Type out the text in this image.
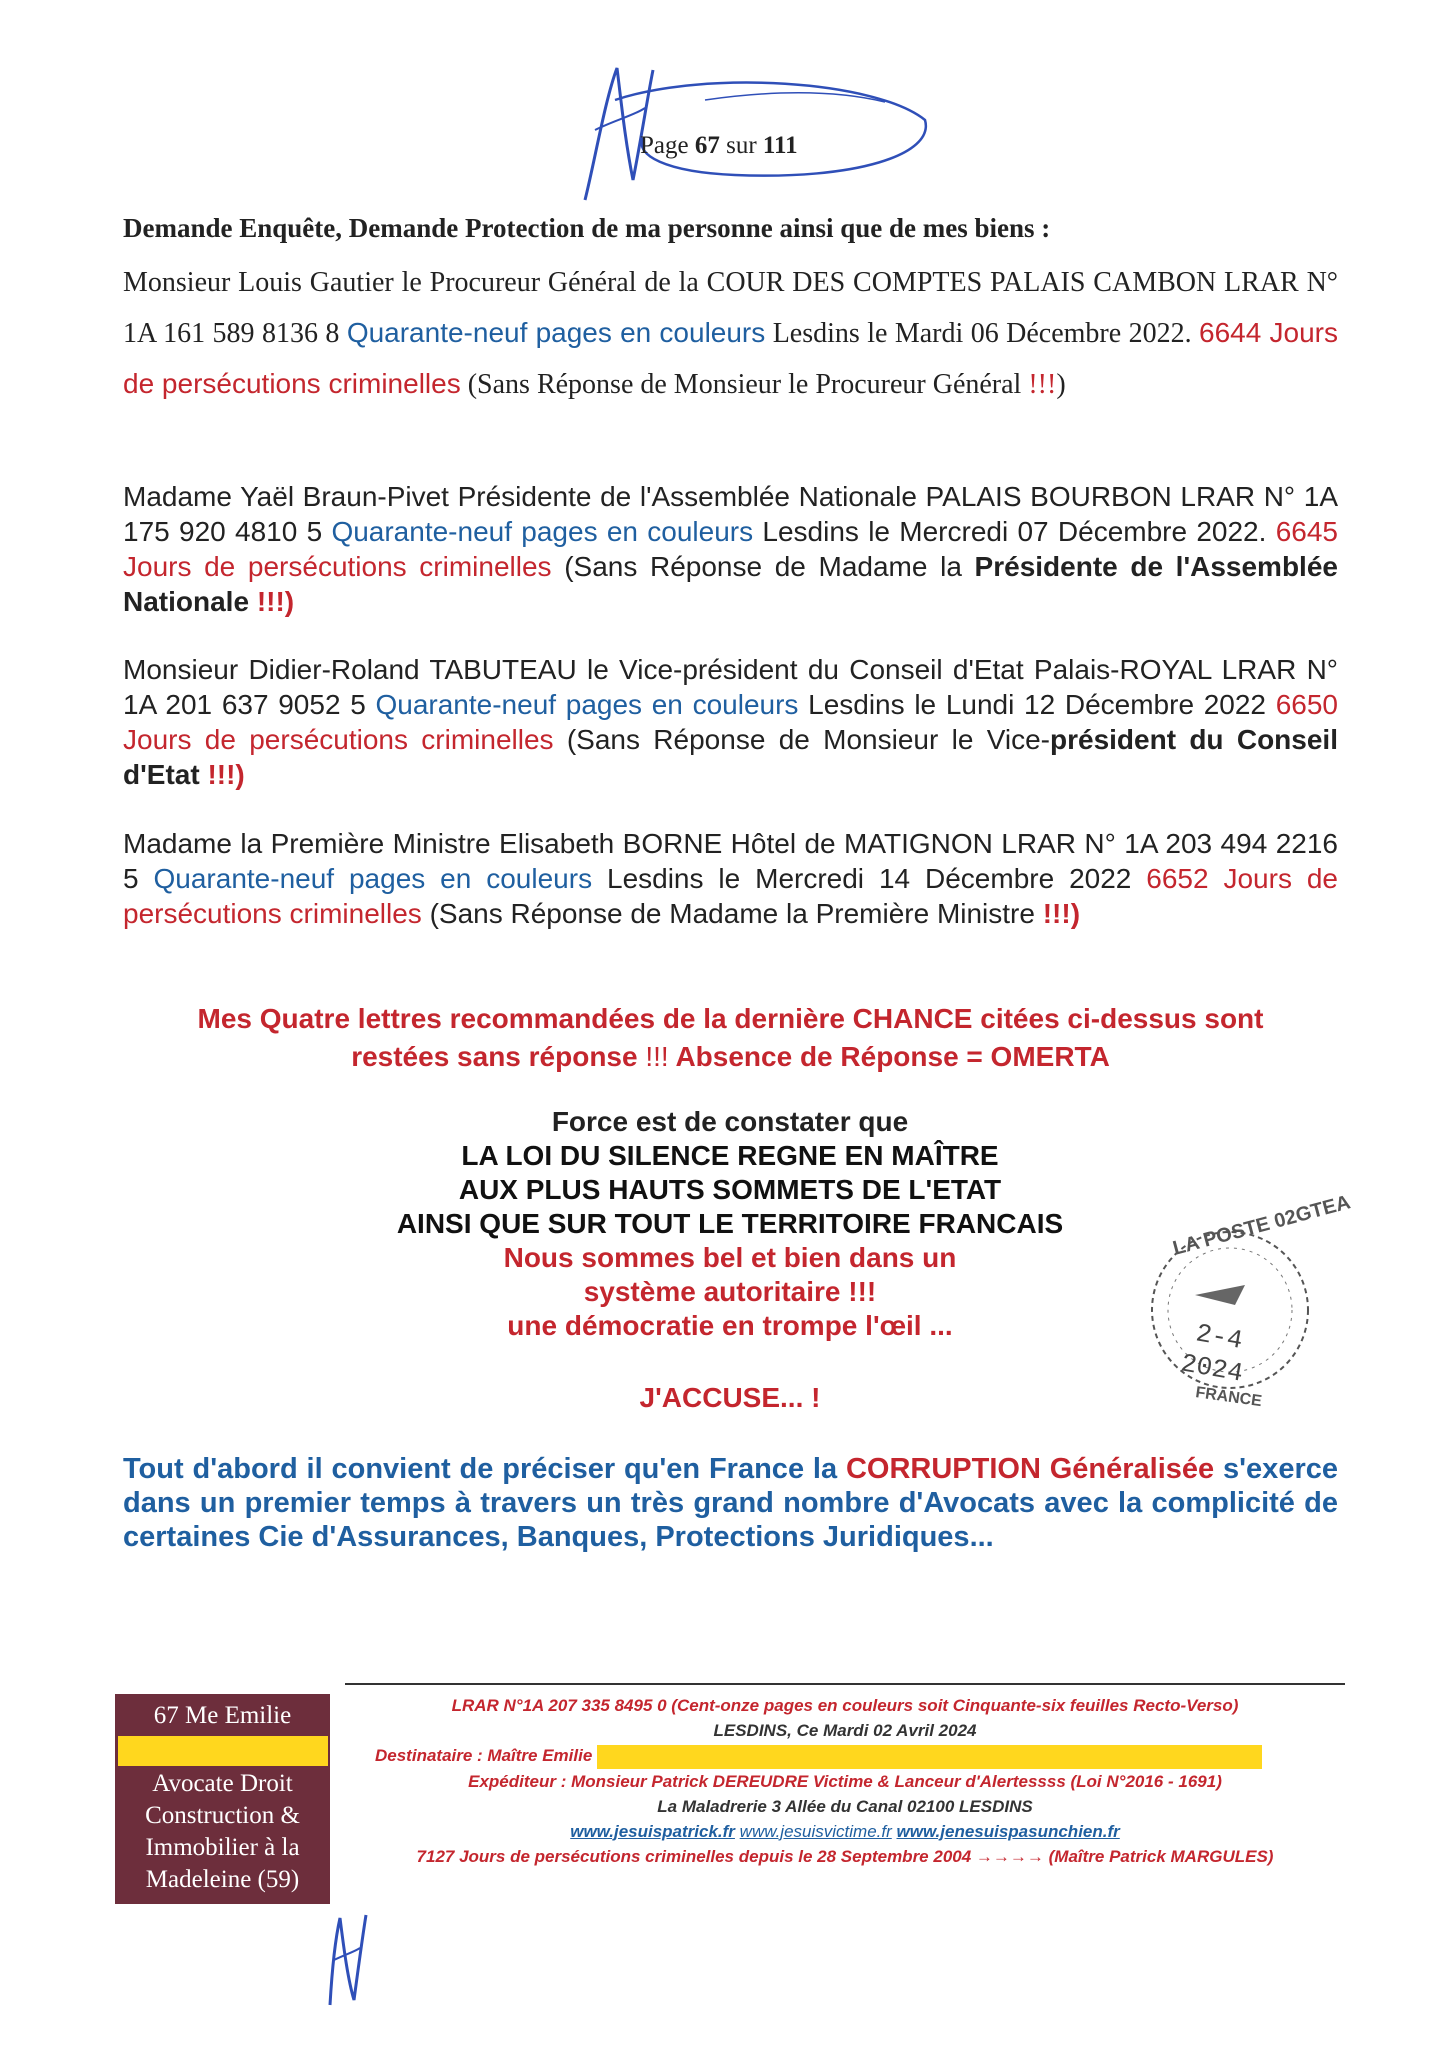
Page 67 sur 111
Demande Enquête, Demande Protection de ma personne ainsi que de mes biens :
Monsieur Louis Gautier le Procureur Général de la COUR DES COMPTES PALAIS CAMBON LRAR N° 1A 161 589 8136 8 Quarante-neuf pages en couleurs Lesdins le Mardi 06 Décembre 2022. 6644 Jours de persécutions criminelles (Sans Réponse de Monsieur le Procureur Général !!!)
Madame Yaël Braun-Pivet Présidente de l'Assemblée Nationale PALAIS BOURBON LRAR N° 1A 175 920 4810 5 Quarante-neuf pages en couleurs Lesdins le Mercredi 07 Décembre 2022. 6645 Jours de persécutions criminelles (Sans Réponse de Madame la Présidente de l'Assemblée Nationale !!!)
Monsieur Didier-Roland TABUTEAU le Vice-président du Conseil d'Etat Palais-ROYAL LRAR N° 1A 201 637 9052 5 Quarante-neuf pages en couleurs Lesdins le Lundi 12 Décembre 2022 6650 Jours de persécutions criminelles (Sans Réponse de Monsieur le Vice-président du Conseil d'Etat !!!)
Madame la Première Ministre Elisabeth BORNE Hôtel de MATIGNON LRAR N° 1A 203 494 2216 5 Quarante-neuf pages en couleurs Lesdins le Mercredi 14 Décembre 2022 6652 Jours de persécutions criminelles (Sans Réponse de Madame la Première Ministre !!!)
Mes Quatre lettres recommandées de la dernière CHANCE citées ci-dessus sont
restées sans réponse !!! Absence de Réponse = OMERTA
Force est de constater que
LA LOI DU SILENCE REGNE EN MAÎTRE
AUX PLUS HAUTS SOMMETS DE L'ETAT
AINSI QUE SUR TOUT LE TERRITOIRE FRANCAIS
Nous sommes bel et bien dans un
système autoritaire !!!
une démocratie en trompe l'œil ...
J'ACCUSE... !
LA POSTE 02GTEA
2-4
2024
FRANCE
Tout d'abord il convient de préciser qu'en France la CORRUPTION Généralisée s'exerce dans un premier temps à travers un très grand nombre d'Avocats avec la complicité de certaines Cie d'Assurances, Banques, Protections Juridiques...
67 Me Emilie
Avocate Droit
Construction &
Immobilier à la
Madeleine (59)
LRAR N°1A 207 335 8495 0 (Cent-onze pages en couleurs soit Cinquante-six feuilles Recto-Verso)
LESDINS, Ce Mardi 02 Avril 2024
Destinataire : Maître Emilie
Expéditeur : Monsieur Patrick DEREUDRE Victime & Lanceur d'Alertessss (Loi N°2016 - 1691)
La Maladrerie 3 Allée du Canal 02100 LESDINS
www.jesuispatrick.fr www.jesuisvictime.fr www.jenesuispasunchien.fr
7127 Jours de persécutions criminelles depuis le 28 Septembre 2004 →→→→ (Maître Patrick MARGULES)
